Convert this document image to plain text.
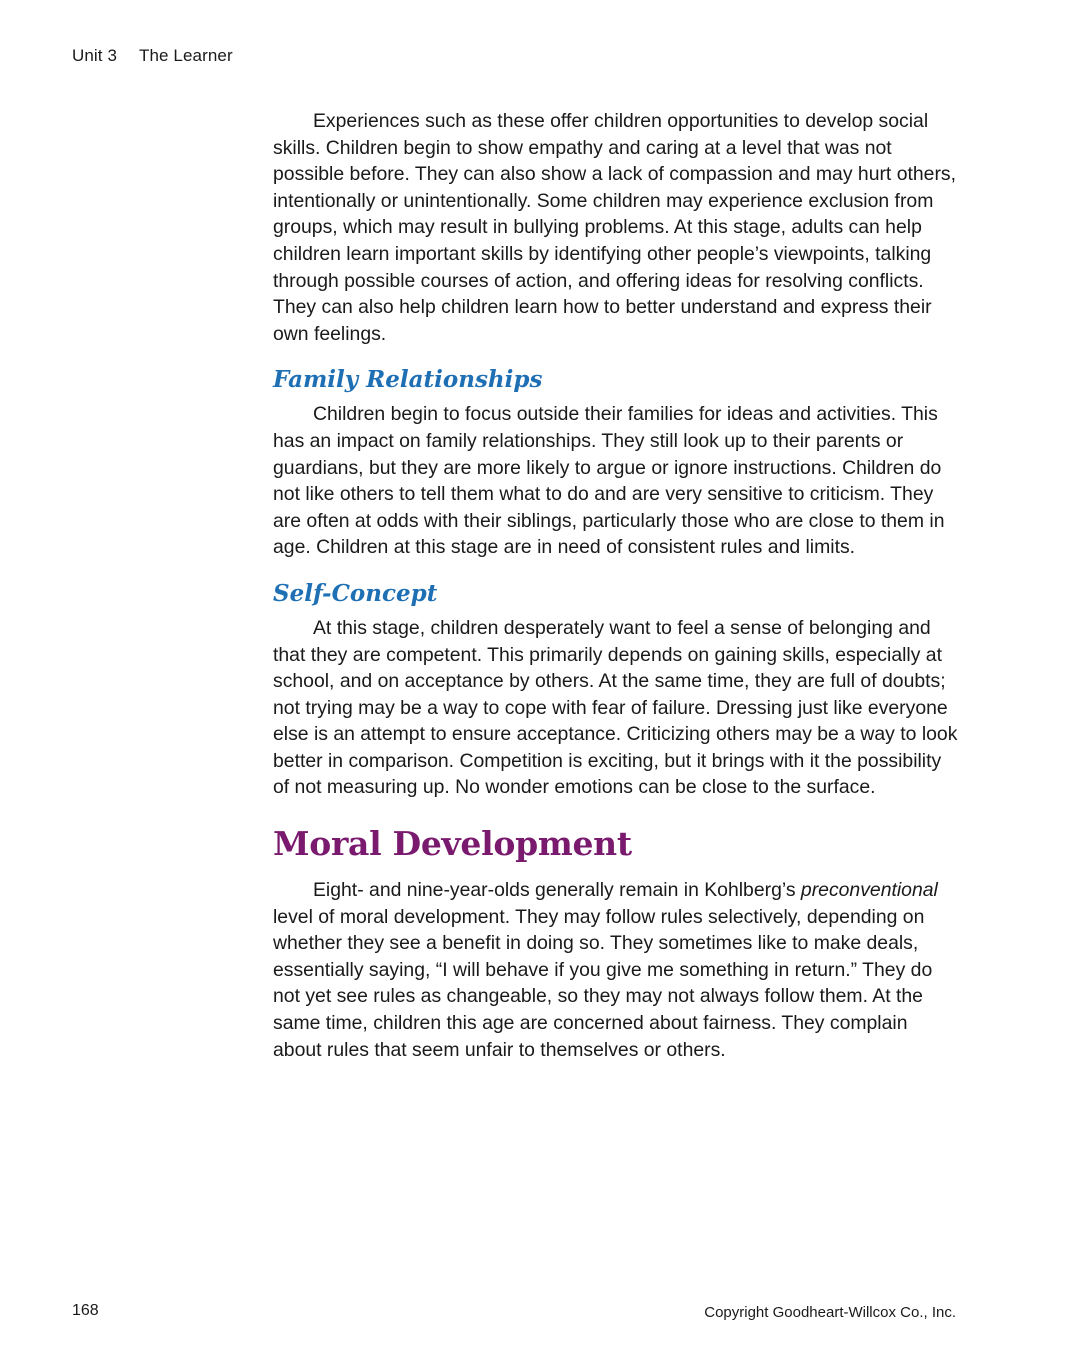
Unit 3 The Learner

Experiences such as these offer children opportunities to develop social skills. Children begin to show empathy and caring at a level that was not possible before. They can also show a lack of compassion and may hurt others, intentionally or unintentionally. Some children may experience exclusion from groups, which may result in bullying problems. At this stage, adults can help children learn important skills by identifying other people’s viewpoints, talking through possible courses of action, and offering ideas for resolving conflicts. They can also help children learn how to better understand and express their own feelings.

Family Relationships

Children begin to focus outside their families for ideas and activities. This has an impact on family relationships. They still look up to their parents or guardians, but they are more likely to argue or ignore instructions. Children do not like others to tell them what to do and are very sensitive to criticism. They are often at odds with their siblings, particularly those who are close to them in age. Children at this stage are in need of consistent rules and limits.

Self-Concept

At this stage, children desperately want to feel a sense of belonging and that they are competent. This primarily depends on gaining skills, especially at school, and on acceptance by others. At the same time, they are full of doubts; not trying may be a way to cope with fear of failure. Dressing just like everyone else is an attempt to ensure acceptance. Criticizing others may be a way to look better in comparison. Competition is exciting, but it brings with it the possibility of not measuring up. No wonder emotions can be close to the surface.

Moral Development

Eight- and nine-year-olds generally remain in Kohlberg’s preconventional level of moral development. They may follow rules selectively, depending on whether they see a benefit in doing so. They sometimes like to make deals, essentially saying, “I will behave if you give me something in return.” They do not yet see rules as changeable, so they may not always follow them. At the same time, children this age are concerned about fairness. They complain about rules that seem unfair to themselves or others.

168	Copyright Goodheart-Willcox Co., Inc.
